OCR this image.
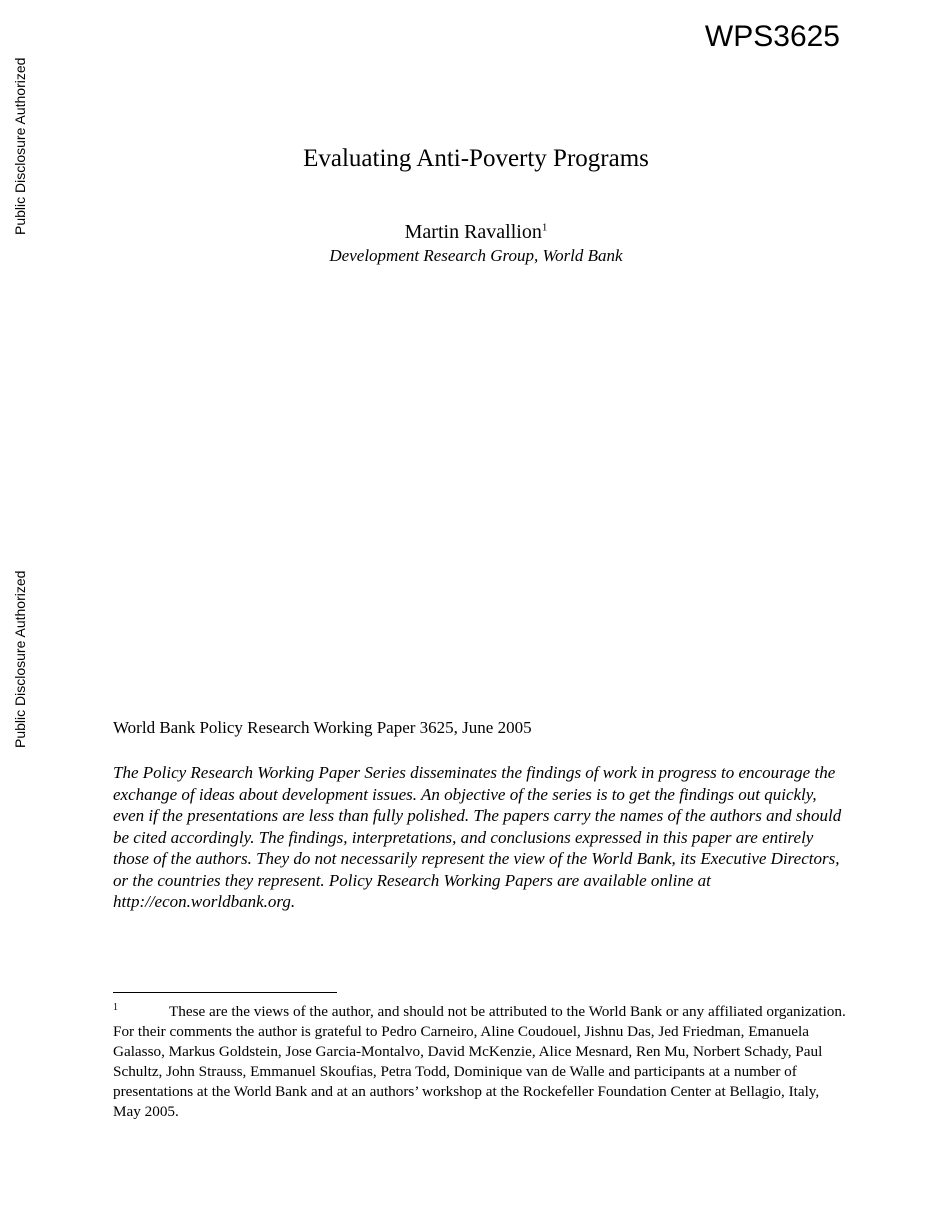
WPS3625
Public Disclosure Authorized
Public Disclosure Authorized
Evaluating Anti-Poverty Programs
Martin Ravallion$^1$
Development Research Group, World Bank
World Bank Policy Research Working Paper 3625, June 2005
The Policy Research Working Paper Series disseminates the findings of work in progress to encourage the exchange of ideas about development issues. An objective of the series is to get the findings out quickly, even if the presentations are less than fully polished. The papers carry the names of the authors and should be cited accordingly. The findings, interpretations, and conclusions expressed in this paper are entirely those of the authors. They do not necessarily represent the view of the World Bank, its Executive Directors, or the countries they represent. Policy Research Working Papers are available online at http://econ.worldbank.org.
$^1$	These are the views of the author, and should not be attributed to the World Bank or any affiliated organization. For their comments the author is grateful to Pedro Carneiro, Aline Coudouel, Jishnu Das, Jed Friedman, Emanuela Galasso, Markus Goldstein, Jose Garcia-Montalvo, David McKenzie, Alice Mesnard, Ren Mu, Norbert Schady, Paul Schultz, John Strauss, Emmanuel Skoufias, Petra Todd, Dominique van de Walle and participants at a number of presentations at the World Bank and at an authors’ workshop at the Rockefeller Foundation Center at Bellagio, Italy, May 2005.
